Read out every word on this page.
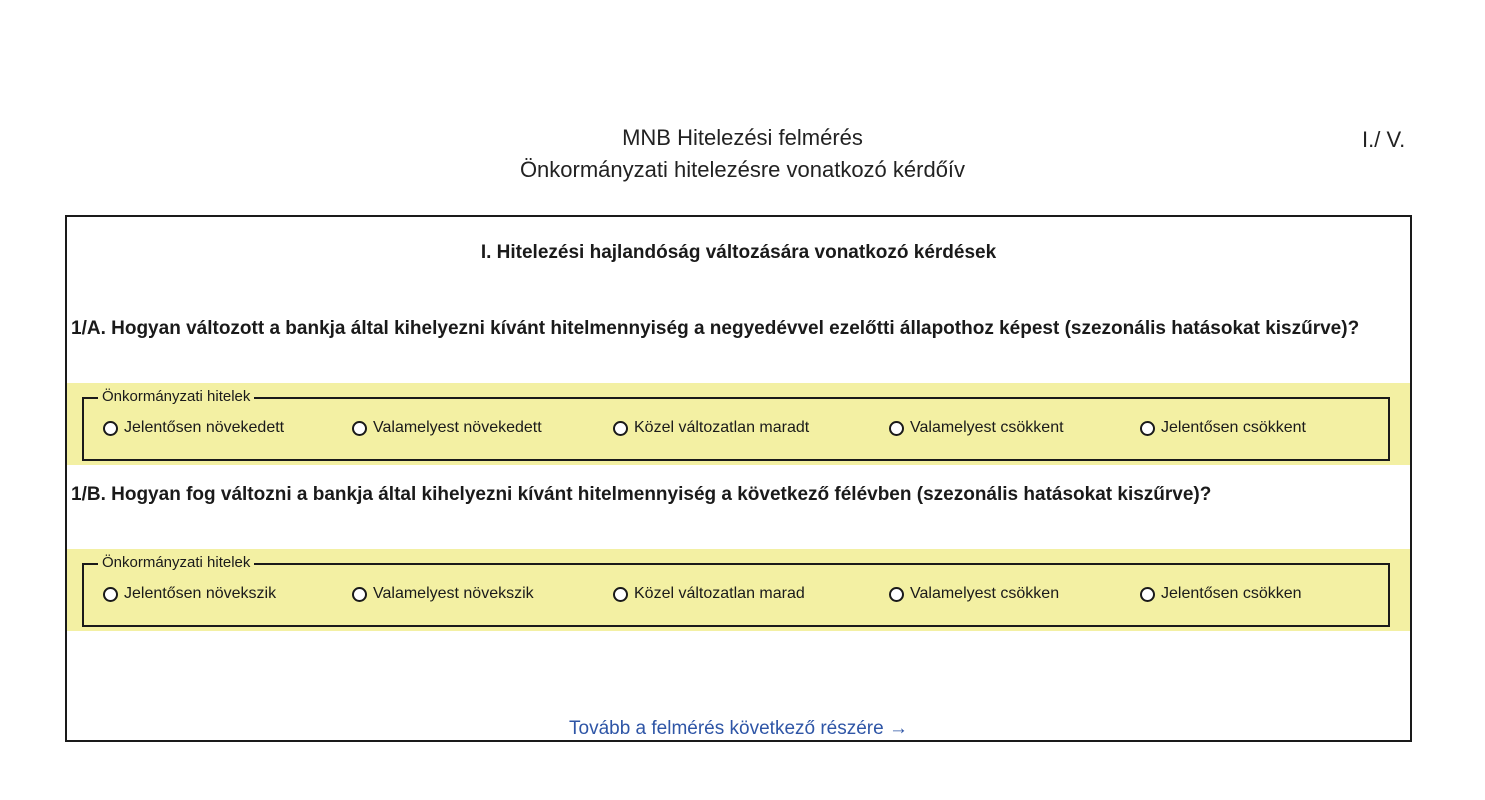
MNB Hitelezési felmérés
Önkormányzati hitelezésre vonatkozó kérdőív
I./ V.
I. Hitelezési hajlandóság változására vonatkozó kérdések
1/A. Hogyan változott a bankja által kihelyezni kívánt hitelmennyiség a negyedévvel ezelőtti állapothoz képest (szezonális hatásokat kiszűrve)?
Önkormányzati hitelek
Jelentősen növekedett	Valamelyest növekedett	Közel változatlan maradt	Valamelyest csökkent	Jelentősen csökkent
1/B. Hogyan fog változni a bankja által kihelyezni kívánt hitelmennyiség a következő félévben (szezonális hatásokat kiszűrve)?
Önkormányzati hitelek
Jelentősen növekszik	Valamelyest növekszik	Közel változatlan marad	Valamelyest csökken	Jelentősen csökken
Tovább a felmérés következő részére →
